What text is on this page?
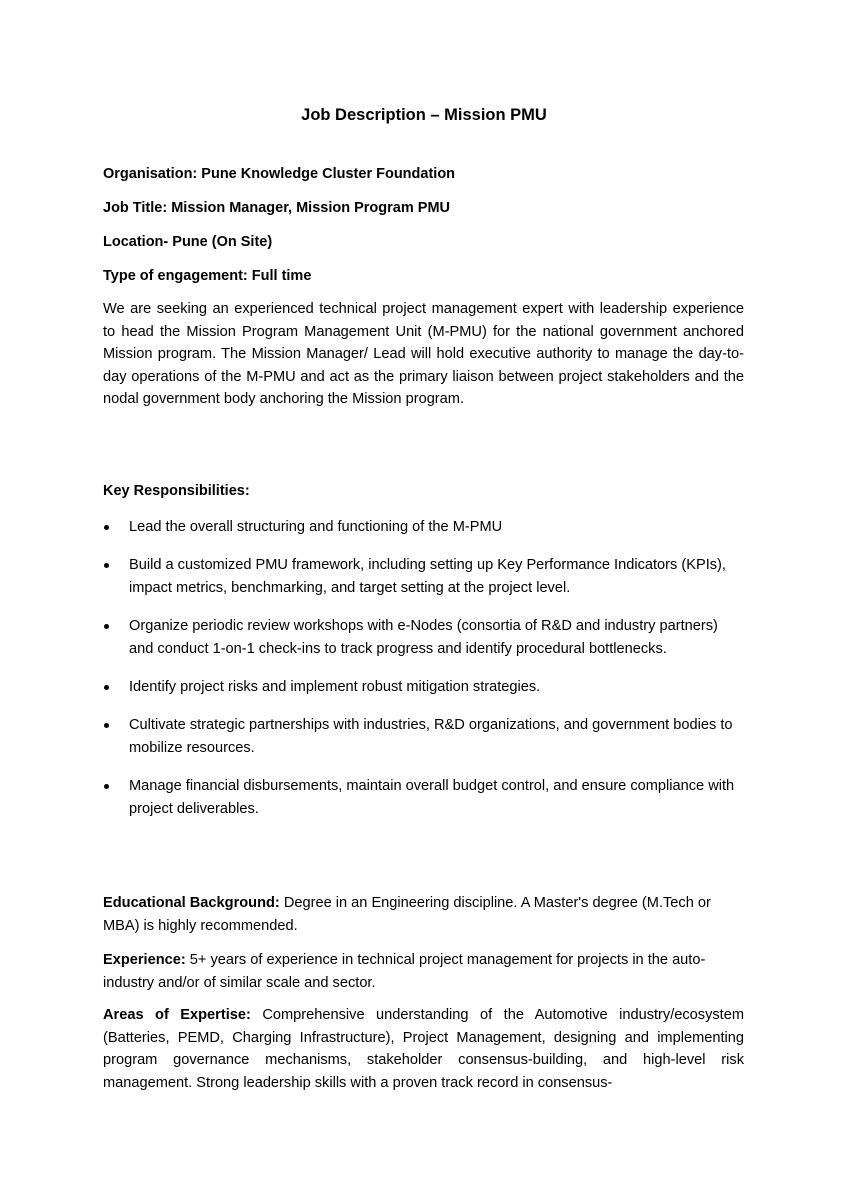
Job Description – Mission PMU
Organisation: Pune Knowledge Cluster Foundation
Job Title: Mission Manager, Mission Program PMU
Location- Pune (On Site)
Type of engagement: Full time
We are seeking an experienced technical project management expert with leadership experience to head the Mission Program Management Unit (M-PMU) for the national government anchored Mission program. The Mission Manager/ Lead will hold executive authority to manage the day-to-day operations of the M-PMU and act as the primary liaison between project stakeholders and the nodal government body anchoring the Mission program.
Key Responsibilities:
Lead the overall structuring and functioning of the M-PMU
Build a customized PMU framework, including setting up Key Performance Indicators (KPIs), impact metrics, benchmarking, and target setting at the project level.
Organize periodic review workshops with e-Nodes (consortia of R&D and industry partners) and conduct 1-on-1 check-ins to track progress and identify procedural bottlenecks.
Identify project risks and implement robust mitigation strategies.
Cultivate strategic partnerships with industries, R&D organizations, and government bodies to mobilize resources.
Manage financial disbursements, maintain overall budget control, and ensure compliance with project deliverables.
Educational Background: Degree in an Engineering discipline. A Master's degree (M.Tech or MBA) is highly recommended.
Experience: 5+ years of experience in technical project management for projects in the auto-industry and/or of similar scale and sector.
Areas of Expertise: Comprehensive understanding of the Automotive industry/ecosystem (Batteries, PEMD, Charging Infrastructure), Project Management, designing and implementing program governance mechanisms, stakeholder consensus-building, and high-level risk management. Strong leadership skills with a proven track record in consensus-
